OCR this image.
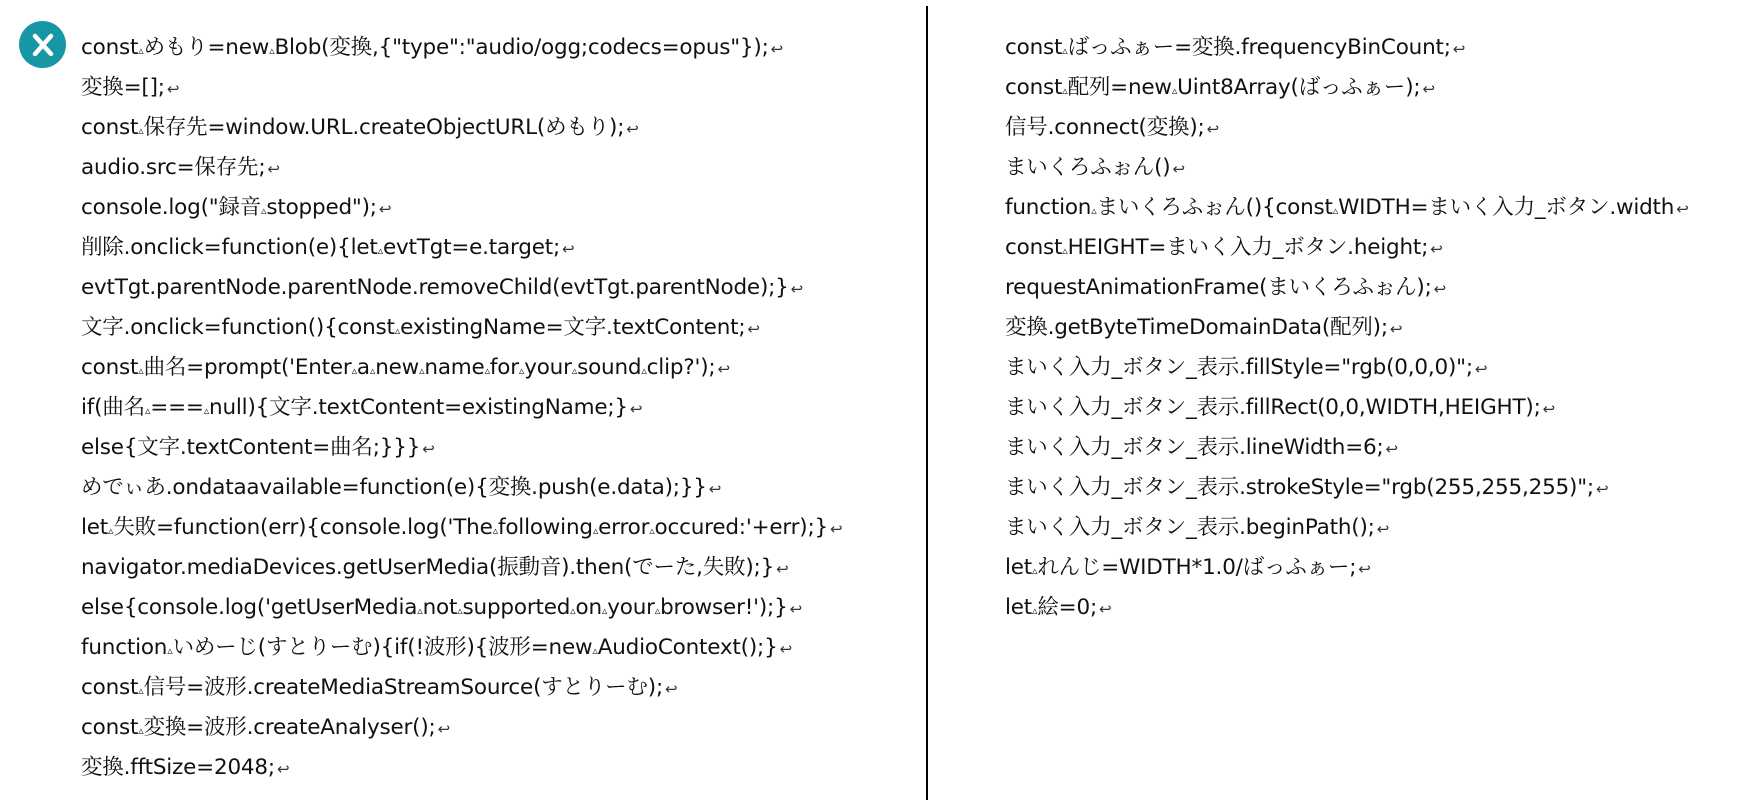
const▵めもり=new▵Blob(変換,{"type":"audio/ogg;codecs=opus"}); ↩
変換=[]; ↩
const▵保存先=window.URL.createObjectURL(めもり); ↩
audio.src=保存先; ↩
console.log("録音▵stopped"); ↩
削除.onclick=function(e){let▵evtTgt=e.target; ↩
evtTgt.parentNode.parentNode.removeChild(evtTgt.parentNode);} ↩
文字.onclick=function(){const▵existingName=文字.textContent; ↩
const▵曲名=prompt('Enter▵a▵new▵name▵for▵your▵sound▵clip?'); ↩
if(曲名▵===▵null){文字.textContent=existingName;} ↩
else{文字.textContent=曲名;}}} ↩
めでぃあ.ondataavailable=function(e){変換.push(e.data);}} ↩
let▵失敗=function(err){console.log('The▵following▵error▵occured:'+err);} ↩
navigator.mediaDevices.getUserMedia(振動音).then(でーた,失敗);} ↩
else{console.log('getUserMedia▵not▵supported▵on▵your▵browser!');} ↩
function▵いめーじ(すとりーむ){if(!波形){波形=new▵AudioContext();} ↩
const▵信号=波形.createMediaStreamSource(すとりーむ); ↩
const▵変換=波形.createAnalyser(); ↩
変換.fftSize=2048; ↩
const▵ばっふぁー=変換.frequencyBinCount; ↩
const▵配列=new▵Uint8Array(ばっふぁー); ↩
信号.connect(変換); ↩
まいくろふぉん() ↩
function▵まいくろふぉん(){const▵WIDTH=まいく入力_ボタン.width ↩
const▵HEIGHT=まいく入力_ボタン.height; ↩
requestAnimationFrame(まいくろふぉん); ↩
変換.getByteTimeDomainData(配列); ↩
まいく入力_ボタン_表示.fillStyle="rgb(0,0,0)"; ↩
まいく入力_ボタン_表示.fillRect(0,0,WIDTH,HEIGHT); ↩
まいく入力_ボタン_表示.lineWidth=6; ↩
まいく入力_ボタン_表示.strokeStyle="rgb(255,255,255)"; ↩
まいく入力_ボタン_表示.beginPath(); ↩
let▵れんじ=WIDTH*1.0/ばっふぁー; ↩
let▵絵=0; ↩
